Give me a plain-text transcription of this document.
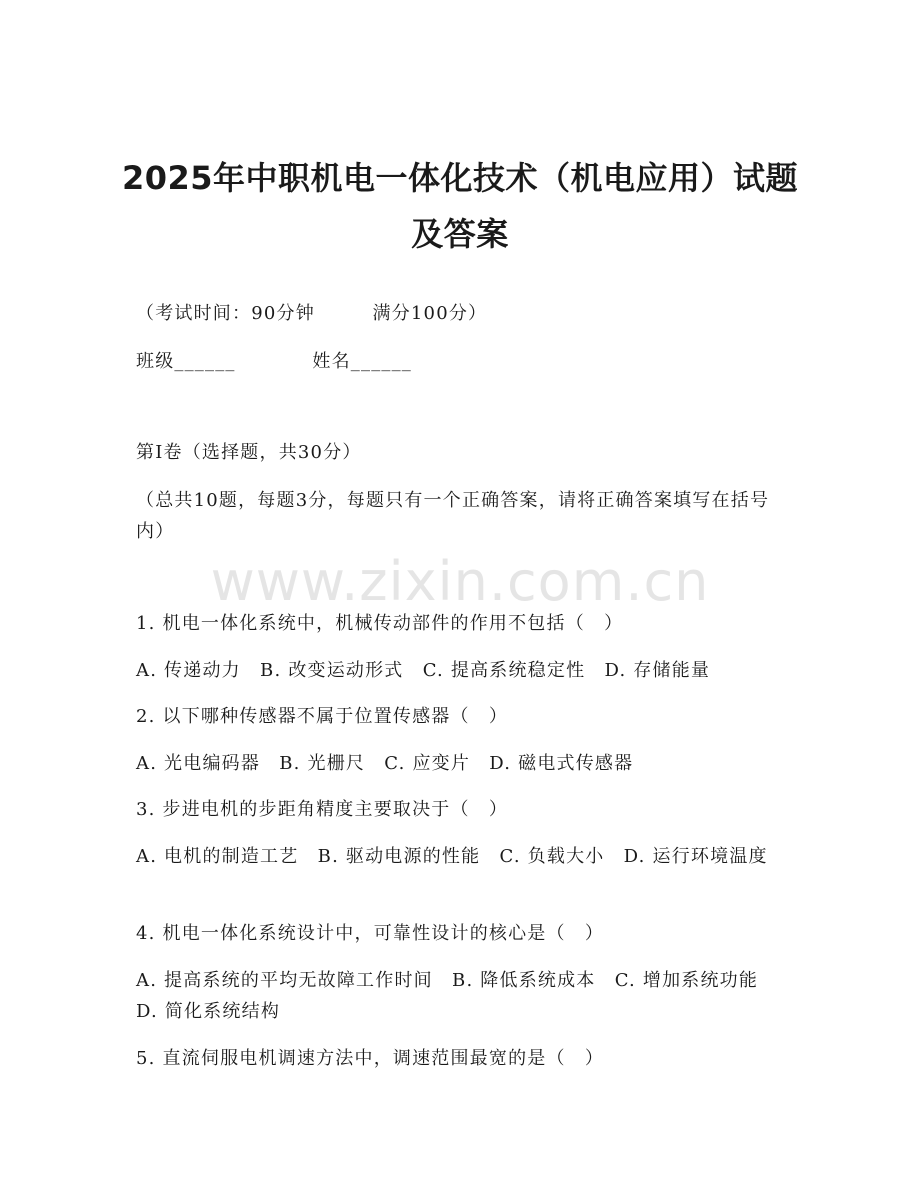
2025年中职机电一体化技术（机电应用）试题及答案
（考试时间：90分钟　　　满分100分）
班级______　　　　姓名______
第Ⅰ卷（选择题，共30分）
（总共10题，每题3分，每题只有一个正确答案，请将正确答案填写在括号内）
www.zixin.com.cn
1. 机电一体化系统中，机械传动部件的作用不包括（　）
A. 传递动力　B. 改变运动形式　C. 提高系统稳定性　D. 存储能量
2. 以下哪种传感器不属于位置传感器（　）
A. 光电编码器　B. 光栅尺　C. 应变片　D. 磁电式传感器
3. 步进电机的步距角精度主要取决于（　）
A. 电机的制造工艺　B. 驱动电源的性能　C. 负载大小　D. 运行环境温度
4. 机电一体化系统设计中，可靠性设计的核心是（　）
A. 提高系统的平均无故障工作时间　B. 降低系统成本　C. 增加系统功能　D. 简化系统结构
5. 直流伺服电机调速方法中，调速范围最宽的是（　）
